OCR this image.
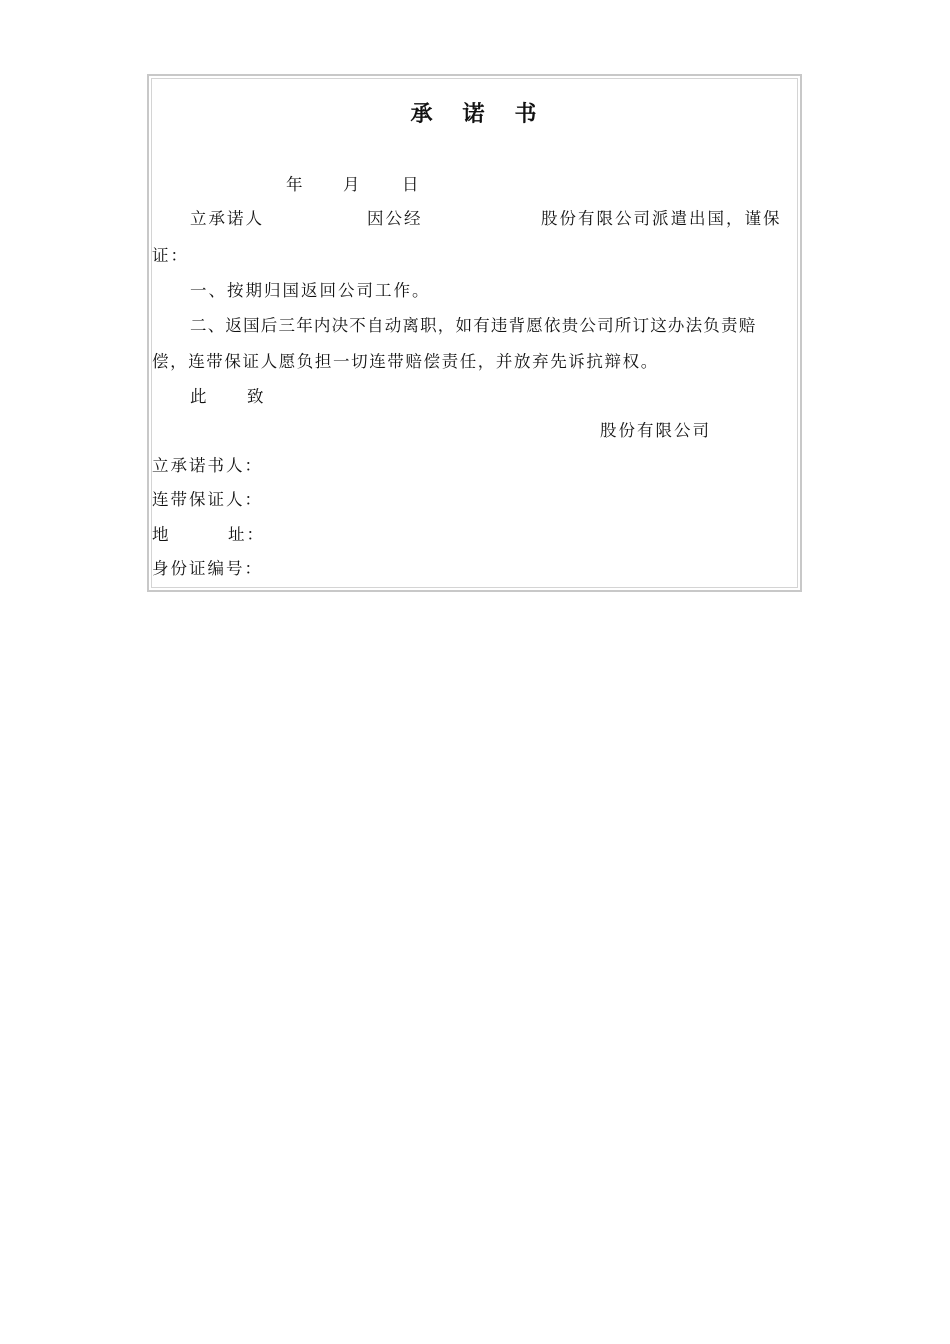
承 诺 书
年 月 日
立承诺人	因公经	股份有限公司派遣出国，谨保
证：
一、按期归国返回公司工作。
二、返国后三年内决不自动离职，如有违背愿依贵公司所订这办法负责赔
偿，连带保证人愿负担一切连带赔偿责任，并放弃先诉抗辩权。
此 致
股份有限公司
立承诺书人：
连带保证人：
地	址：
身份证编号：
